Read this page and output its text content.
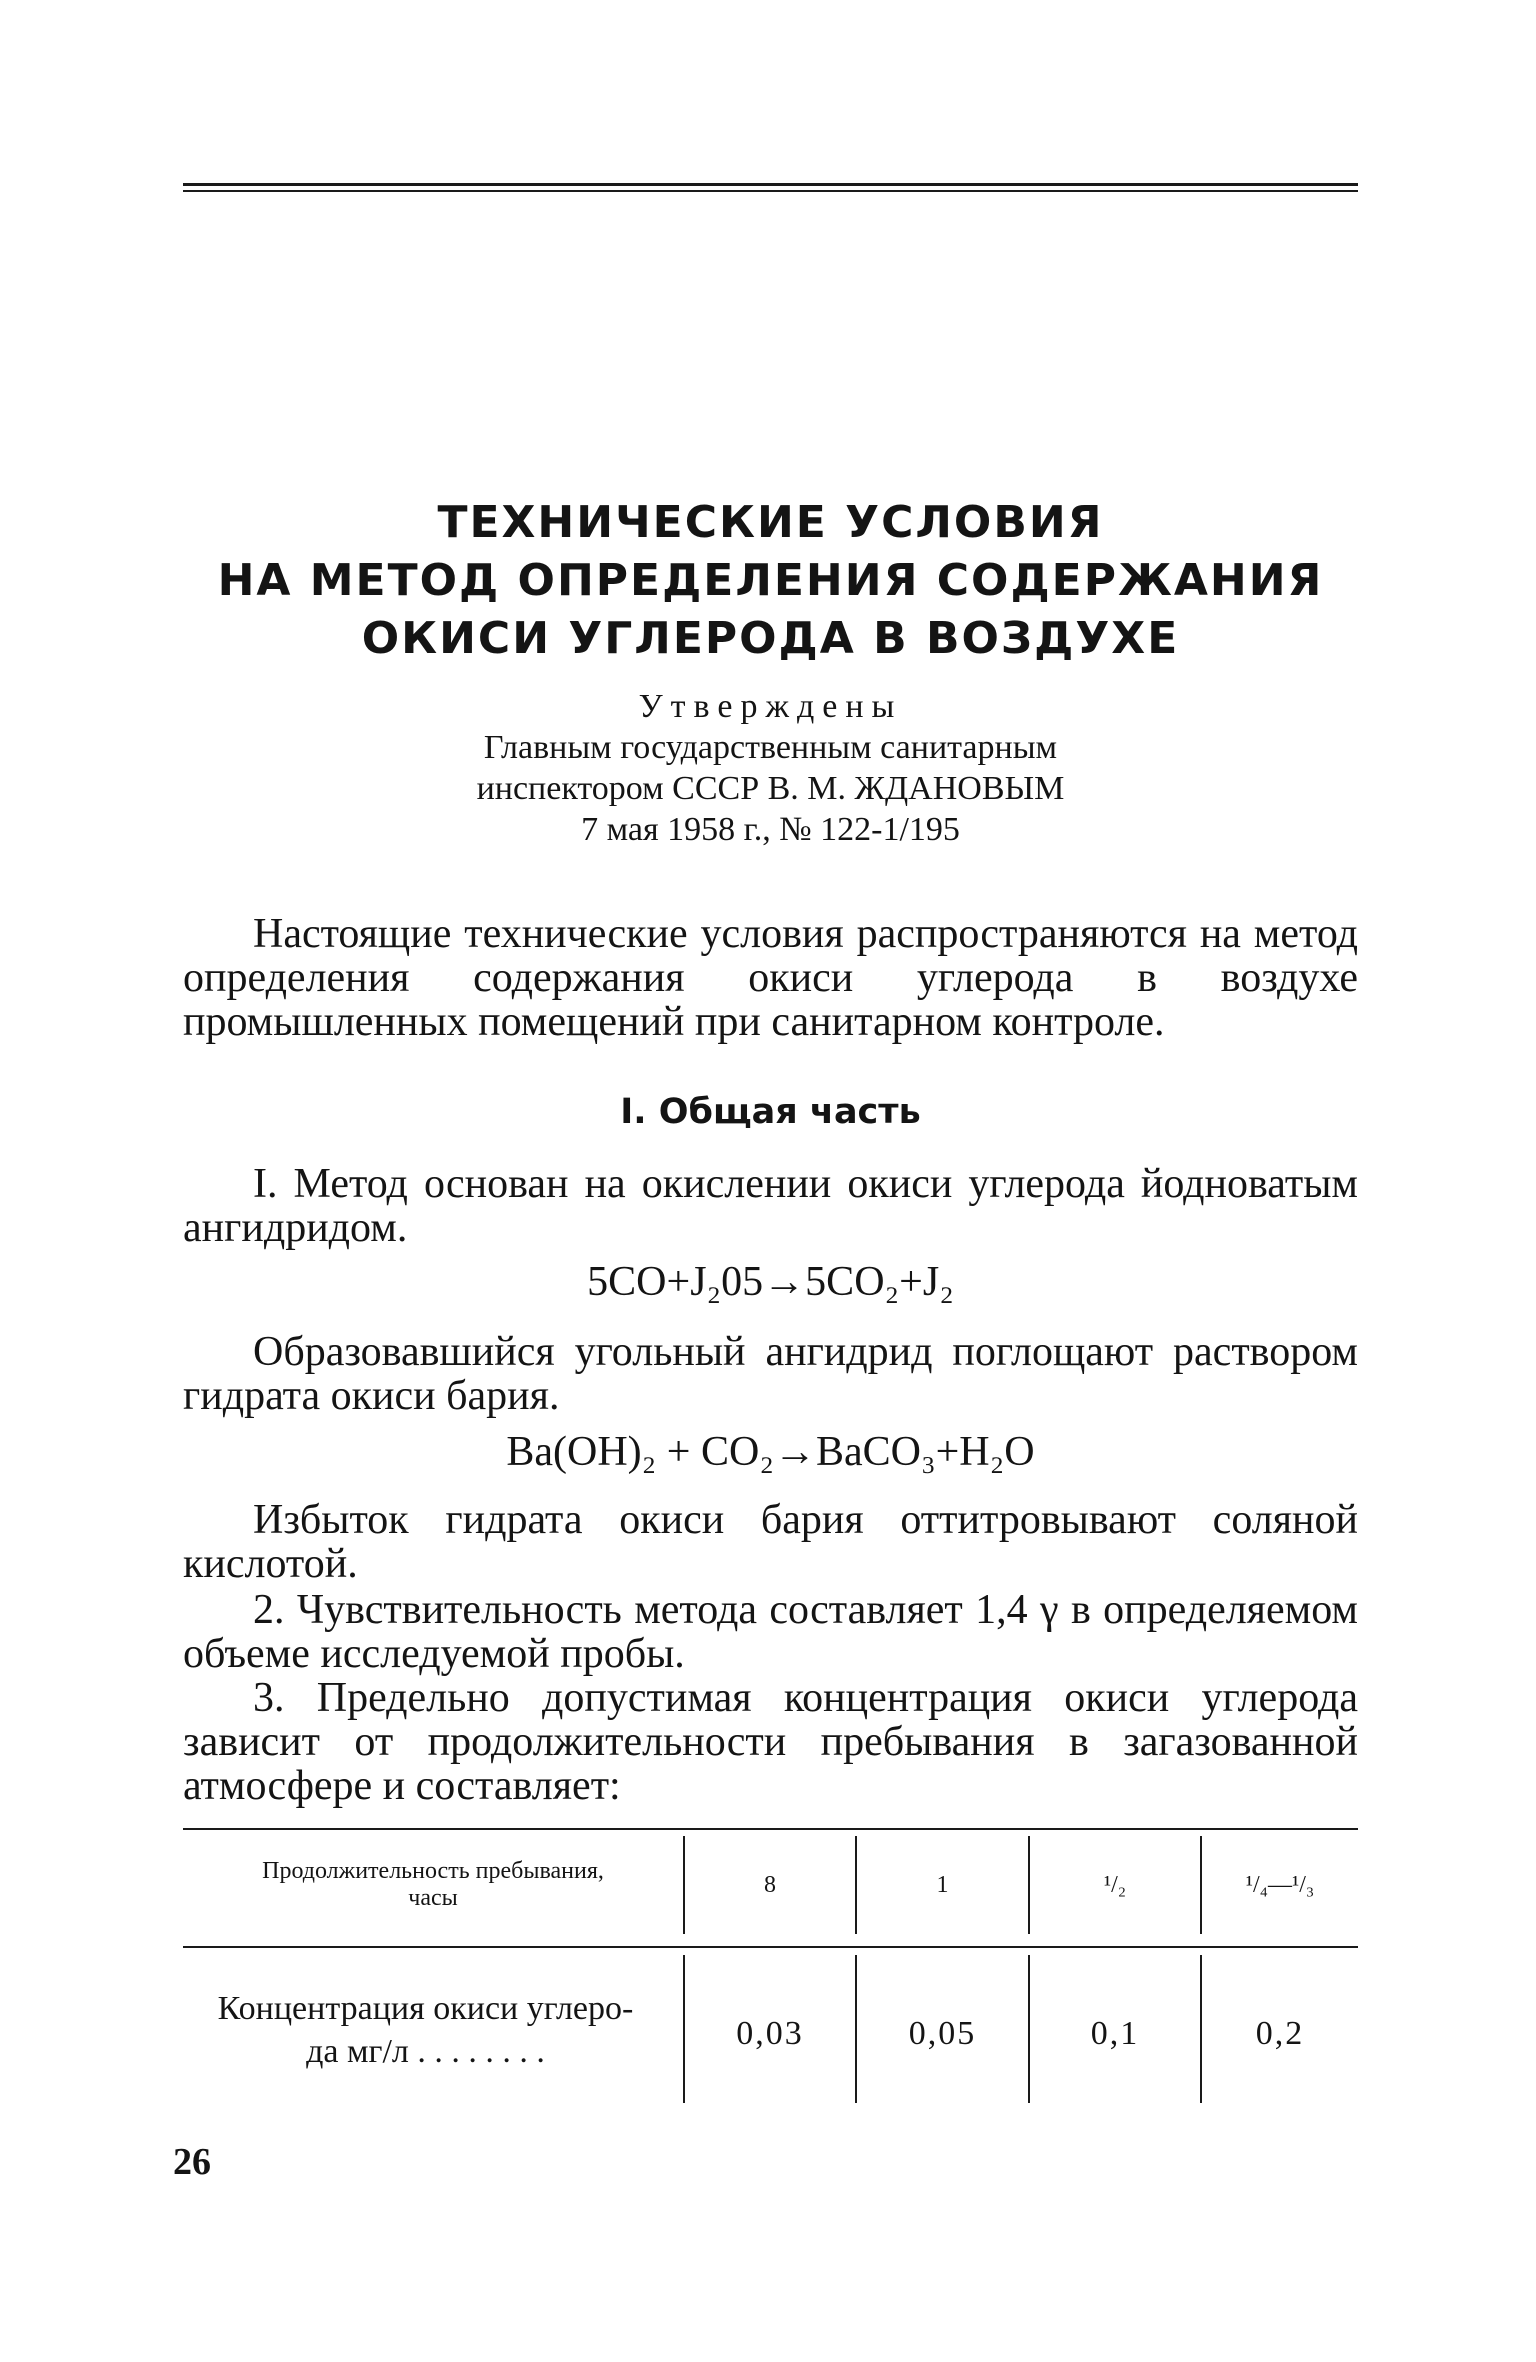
ТЕХНИЧЕСКИЕ УСЛОВИЯ
НА МЕТОД ОПРЕДЕЛЕНИЯ СОДЕРЖАНИЯ
ОКИСИ УГЛЕРОДА В ВОЗДУХЕ
Утверждены
Главным государственным санитарным
инспектором СССР В. М. ЖДАНОВЫМ
7 мая 1958 г., № 122-1/195
Настоящие технические условия распространяются на метод определения содержания окиси углерода в воздухе промышленных помещений при санитарном контроле.
I. Общая часть
I. Метод основан на окислении окиси углерода йодноватым ангидридом.
5CO+J₂05→5CO₂+J₂
Образовавшийся угольный ангидрид поглощают раствором гидрата окиси бария.
Ba(OH)₂ + CO₂→BaCO₃+H₂O
Избыток гидрата окиси бария оттитровывают соляной кислотой.
2. Чувствительность метода составляет 1,4 γ в определяемом объеме исследуемой пробы.
3. Предельно допустимая концентрация окиси углерода зависит от продолжительности пребывания в загазованной атмосфере и составляет:
Продолжительность пребывания,
часы
8	1	¹/₂	¹/₄—¹/₃
Концентрация окиси углеро-
да мг/л . . . . . . . .	0,03	0,05	0,1	0,2
26
